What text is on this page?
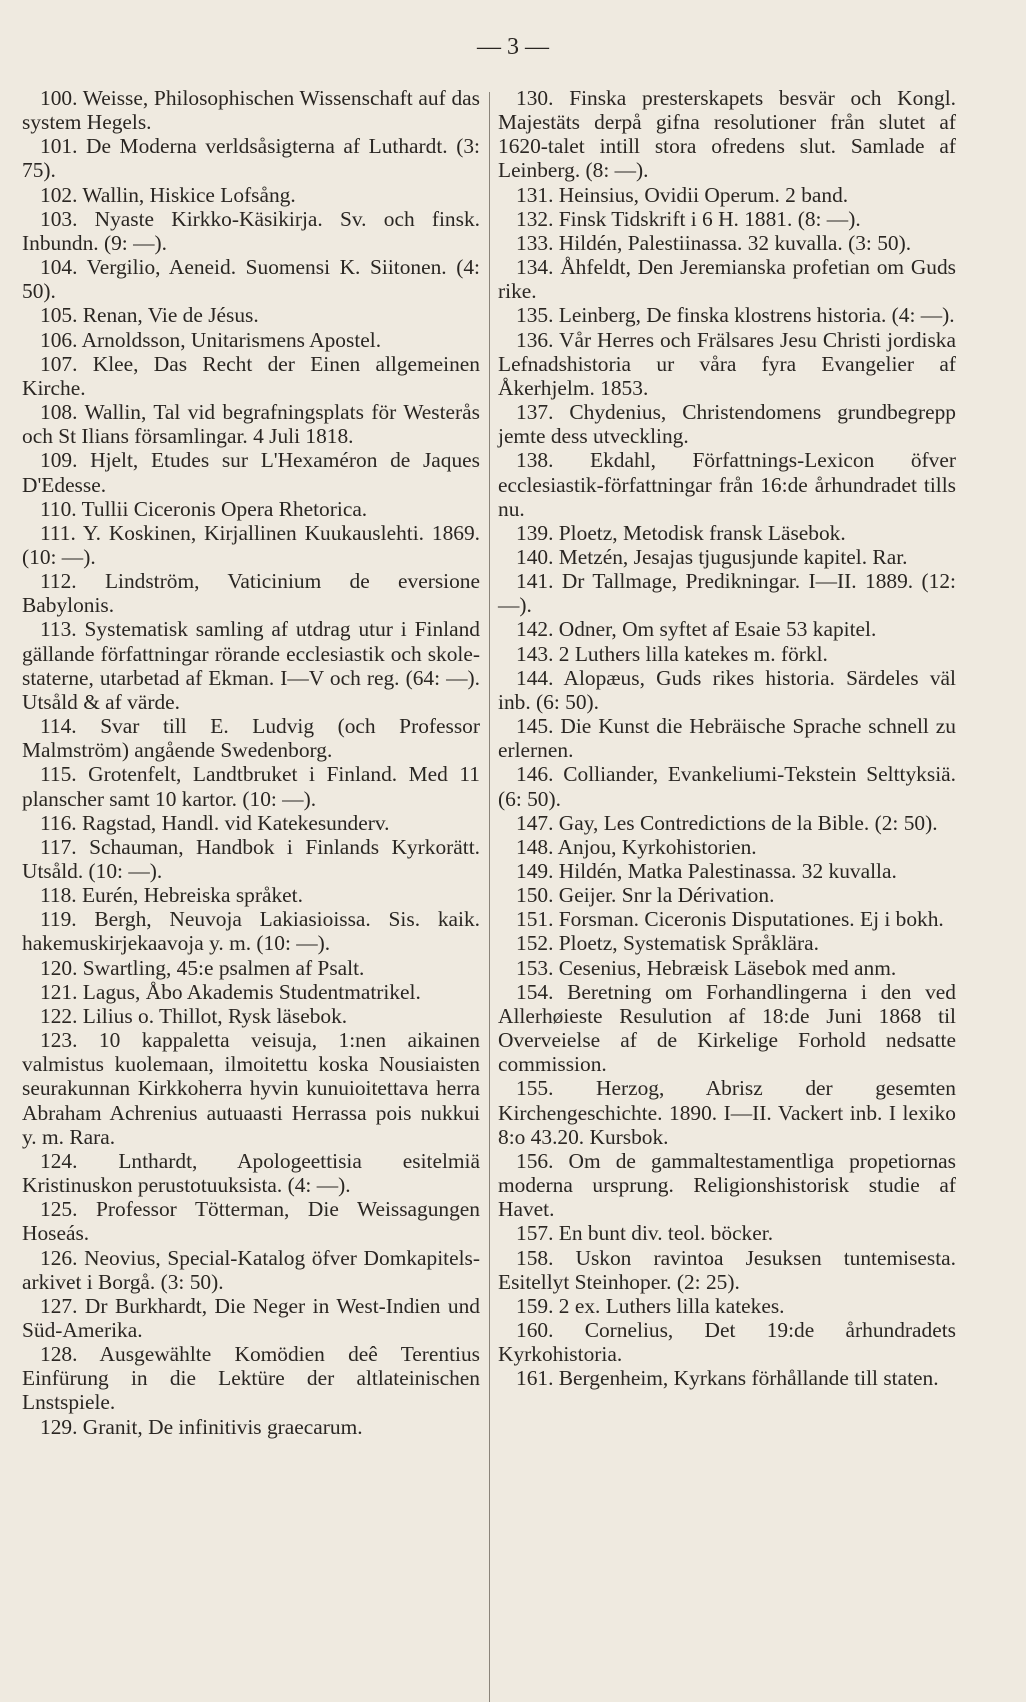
— 3 —

100. Weisse, Philosophischen Wissenschaft auf das system Hegels.

101. De Moderna verldsåsigterna af Luthardt. (3: 75).

102. Wallin, Hiskice Lofsång.

103. Nyaste Kirkko-Käsikirja. Sv. och finsk. Inbundn. (9: —).

104. Vergilio, Aeneid. Suomensi K. Siitonen. (4: 50).

105. Renan, Vie de Jésus.

106. Arnoldsson, Unitarismens Apostel.

107. Klee, Das Recht der Einen allgemeinen Kirche.

108. Wallin, Tal vid begrafningsplats för Westerås och St Ilians församlingar. 4 Juli 1818.

109. Hjelt, Etudes sur L'Hexaméron de Jaques D'Edesse.

110. Tullii Ciceronis Opera Rhetorica.

111. Y. Koskinen, Kirjallinen Kuukauslehti. 1869. (10: —).

112. Lindström, Vaticinium de eversione Babylonis.

113. Systematisk samling af utdrag utur i Finland gällande författningar rörande ecclesiastik och skole-staterne, utarbetad af Ekman. I—V och reg. (64: —). Utsåld & af värde.

114. Svar till E. Ludvig (och Professor Malmström) angående Swedenborg.

115. Grotenfelt, Landtbruket i Finland. Med 11 planscher samt 10 kartor. (10: —).

116. Ragstad, Handl. vid Katekesunderv.

117. Schauman, Handbok i Finlands Kyrkorätt. Utsåld. (10: —).

118. Eurén, Hebreiska språket.

119. Bergh, Neuvoja Lakiasioissa. Sis. kaik. hakemuskirjekaavoja y. m. (10: —).

120. Swartling, 45:e psalmen af Psalt.

121. Lagus, Åbo Akademis Studentmatrikel.

122. Lilius o. Thillot, Rysk läsebok.

123. 10 kappaletta veisuja, 1:nen aikainen valmistus kuolemaan, ilmoitettu koska Nousiaisten seurakunnan Kirkkoherra hyvin kunuioitettava herra Abraham Achrenius autuaasti Herrassa pois nukkui y. m. Rara.

124. Lnthardt, Apologeettisia esitelmiä Kristinuskon perustotuuksista. (4: —).

125. Professor Tötterman, Die Weissagungen Hoseás.

126. Neovius, Special-Katalog öfver Domkapitels-arkivet i Borgå. (3: 50).

127. Dr Burkhardt, Die Neger in West-Indien und Süd-Amerika.

128. Ausgewählte Komödien deê Terentius Einfürung in die Lektüre der altlateinischen Lnstspiele.

129. Granit, De infinitivis graecarum.

130. Finska presterskapets besvär och Kongl. Majestäts derpå gifna resolutioner från slutet af 1620-talet intill stora ofredens slut. Samlade af Leinberg. (8: —).

131. Heinsius, Ovidii Operum. 2 band.

132. Finsk Tidskrift i 6 H. 1881. (8: —).

133. Hildén, Palestiinassa. 32 kuvalla. (3: 50).

134. Åhfeldt, Den Jeremianska profetian om Guds rike.

135. Leinberg, De finska klostrens historia. (4: —).

136. Vår Herres och Frälsares Jesu Christi jordiska Lefnadshistoria ur våra fyra Evangelier af Åkerhjelm. 1853.

137. Chydenius, Christendomens grundbegrepp jemte dess utveckling.

138. Ekdahl, Författnings-Lexicon öfver ecclesiastik-författningar från 16:de århundradet tills nu.

139. Ploetz, Metodisk fransk Läsebok.

140. Metzén, Jesajas tjugusjunde kapitel. Rar.

141. Dr Tallmage, Predikningar. I—II. 1889. (12: —).

142. Odner, Om syftet af Esaie 53 kapitel.

143. 2 Luthers lilla katekes m. förkl.

144. Alopæus, Guds rikes historia. Särdeles väl inb. (6: 50).

145. Die Kunst die Hebräische Sprache schnell zu erlernen.

146. Colliander, Evankeliumi-Tekstein Selttyksiä. (6: 50).

147. Gay, Les Contredictions de la Bible. (2: 50).

148. Anjou, Kyrkohistorien.

149. Hildén, Matka Palestinassa. 32 kuvalla.

150. Geijer. Snr la Dérivation.

151. Forsman. Ciceronis Disputationes. Ej i bokh.

152. Ploetz, Systematisk Språklära.

153. Cesenius, Hebræisk Läsebok med anm.

154. Beretning om Forhandlingerna i den ved Allerhøieste Resulution af 18:de Juni 1868 til Overveielse af de Kirkelige Forhold nedsatte commission.

155. Herzog, Abrisz der gesemten Kirchengeschichte. 1890. I—II. Vackert inb. I lexiko 8:o 43.20. Kursbok.

156. Om de gammaltestamentliga propetiornas moderna ursprung. Religionshistorisk studie af Havet.

157. En bunt div. teol. böcker.

158. Uskon ravintoa Jesuksen tuntemisesta. Esitellyt Steinhoper. (2: 25).

159. 2 ex. Luthers lilla katekes.

160. Cornelius, Det 19:de århundradets Kyrkohistoria.

161. Bergenheim, Kyrkans förhållande till staten.
